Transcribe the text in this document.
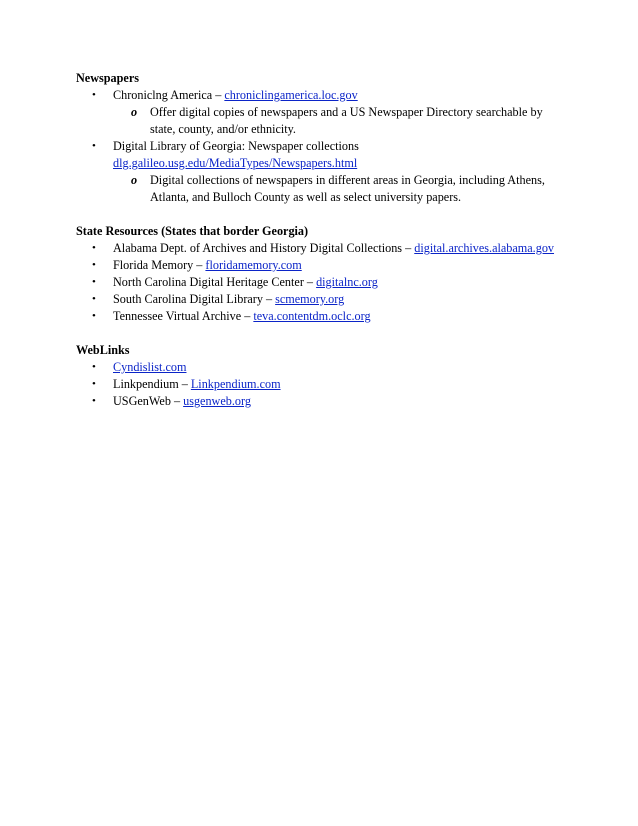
Newspapers
• Chroniclng America – chroniclingamerica.loc.gov
o Offer digital copies of newspapers and a US Newspaper Directory searchable by state, county, and/or ethnicity.
• Digital Library of Georgia: Newspaper collections
dlg.galileo.usg.edu/MediaTypes/Newspapers.html
o Digital collections of newspapers in different areas in Georgia, including Athens, Atlanta, and Bulloch County as well as select university papers.
State Resources (States that border Georgia)
• Alabama Dept. of Archives and History Digital Collections – digital.archives.alabama.gov
• Florida Memory – floridamemory.com
• North Carolina Digital Heritage Center – digitalnc.org
• South Carolina Digital Library – scmemory.org
• Tennessee Virtual Archive – teva.contentdm.oclc.org
WebLinks
• Cyndislist.com
• Linkpendium – Linkpendium.com
• USGenWeb – usgenweb.org
